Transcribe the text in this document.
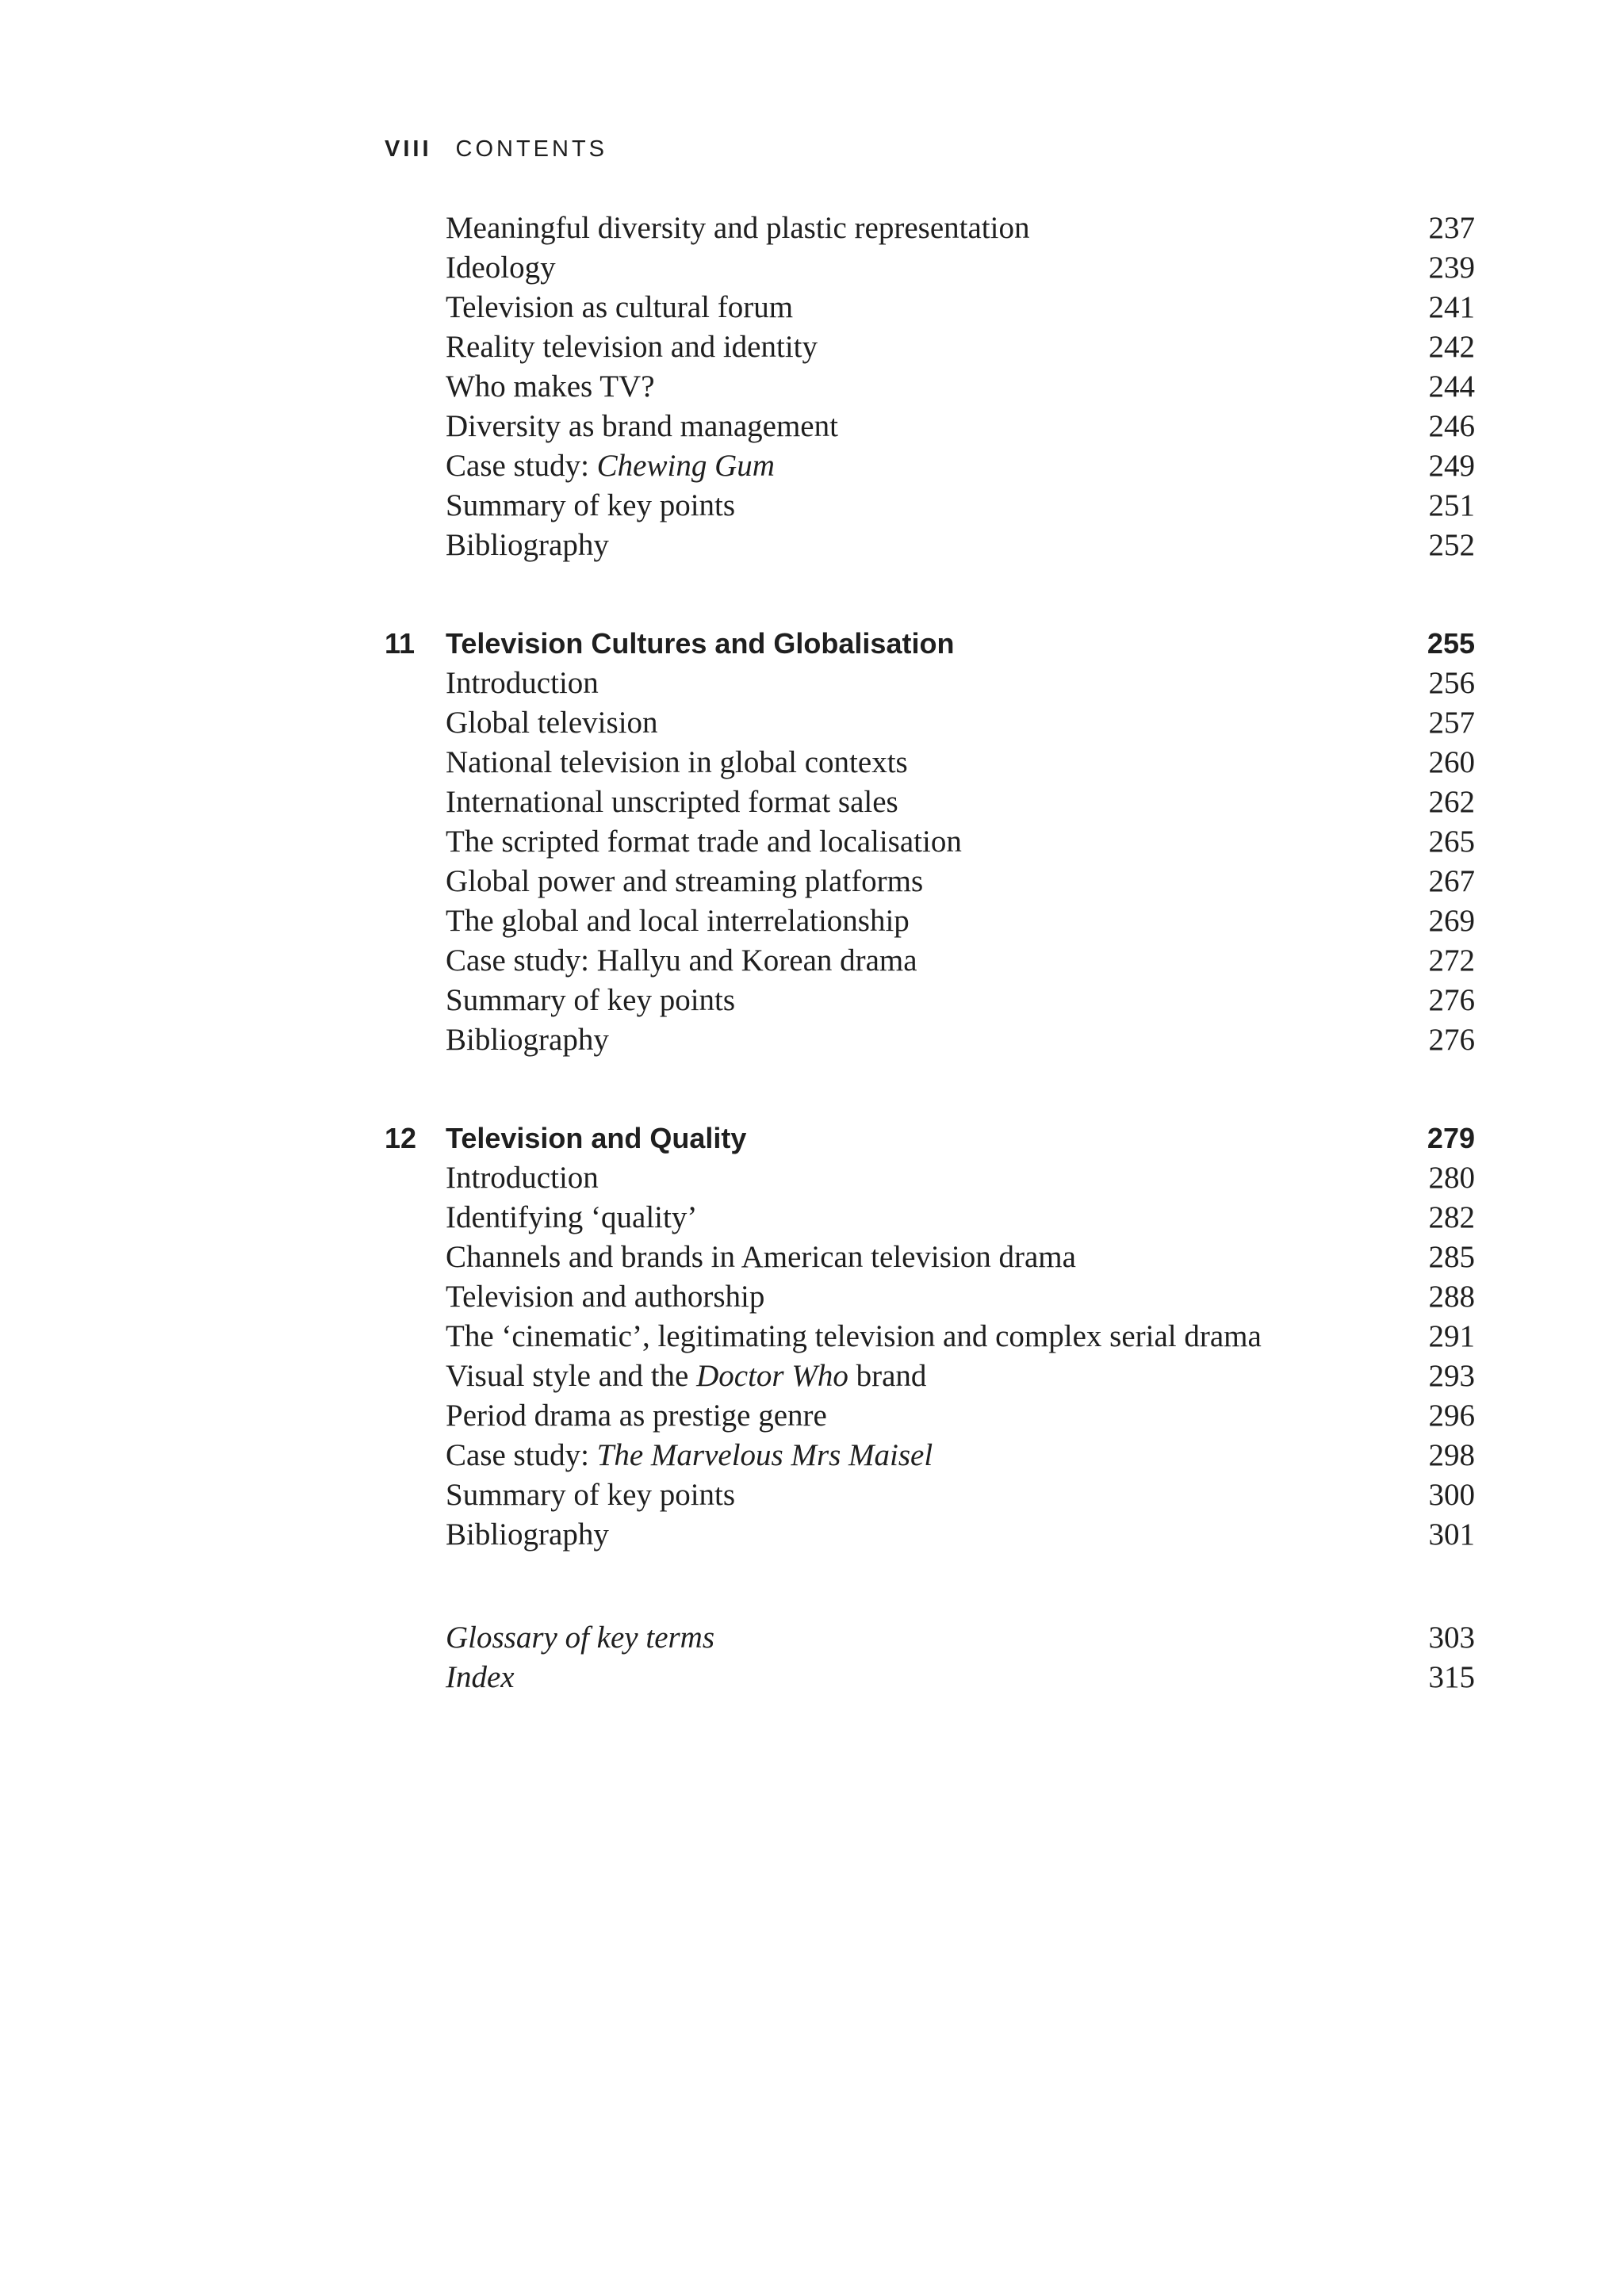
VIII CONTENTS
Meaningful diversity and plastic representation	237
Ideology	239
Television as cultural forum	241
Reality television and identity	242
Who makes TV?	244
Diversity as brand management	246
Case study: Chewing Gum	249
Summary of key points	251
Bibliography	252
11 Television Cultures and Globalisation	255
Introduction	256
Global television	257
National television in global contexts	260
International unscripted format sales	262
The scripted format trade and localisation	265
Global power and streaming platforms	267
The global and local interrelationship	269
Case study: Hallyu and Korean drama	272
Summary of key points	276
Bibliography	276
12 Television and Quality	279
Introduction	280
Identifying ‘quality’	282
Channels and brands in American television drama	285
Television and authorship	288
The ‘cinematic’, legitimating television and complex serial drama	291
Visual style and the Doctor Who brand	293
Period drama as prestige genre	296
Case study: The Marvelous Mrs Maisel	298
Summary of key points	300
Bibliography	301
Glossary of key terms	303
Index	315
